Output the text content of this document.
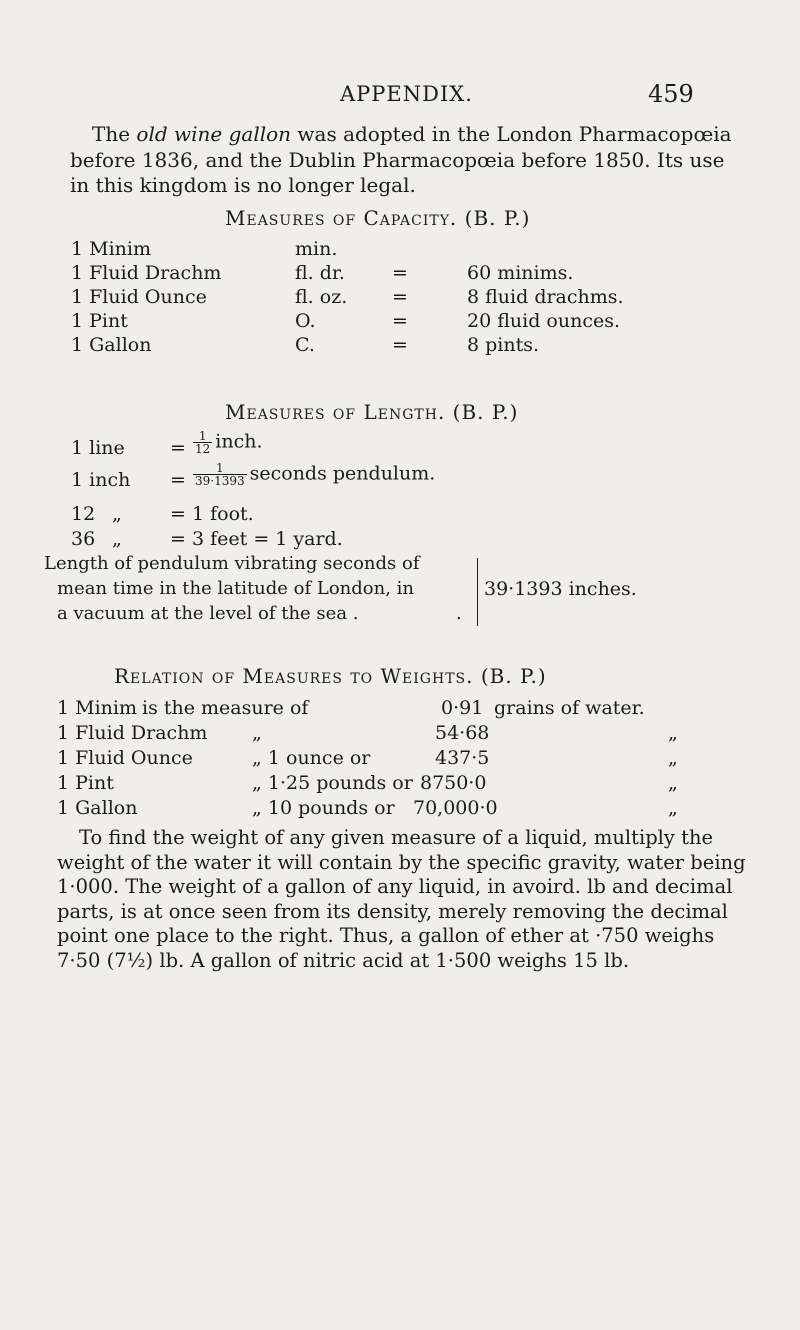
APPENDIX.	459

The old wine gallon was adopted in the London Pharmacopœia before 1836, and the Dublin Pharmacopœia before 1850. Its use in this kingdom is no longer legal.

Measures of Capacity. (B. P.)
1 Minim	min.
1 Fluid Drachm	fl. dr. =	60 minims.
1 Fluid Ounce	fl. oz. =	8 fluid drachms.
1 Pint	O.	=	20 fluid ounces.
1 Gallon	C.	=	8 pints.
Measures of Length. (B. P.)
1 line = $\frac{1}{12}$ inch.
1 inch = $\frac{1}{39\cdot 1393}$ seconds pendulum.
12 „	= 1 foot.
36 „	= 3 feet = 1 yard.
Length of pendulum vibrating seconds of
mean time in the latitude of London, in
a vacuum at the level of the sea .	.
39·1393 inches.
Relation of Measures to Weights. (B. P.)
1 Minim is the measure of	0·91 grains of water.
1 Fluid Drachm „	54·68	„
1 Fluid Ounce	„ 1 ounce or	437·5	„
1 Pint	„ 1·25 pounds or 8750·0	„
1 Gallon	„ 10 pounds or 70,000·0	„

To find the weight of any given measure of a liquid, multiply the weight of the water it will contain by the specific gravity, water being 1·000. The weight of a gallon of any liquid, in avoird. lb and decimal parts, is at once seen from its density, merely removing the decimal point one place to the right. Thus, a gallon of ether at ·750 weighs 7·50 (7½) lb. A gallon of nitric acid at 1·500 weighs 15 lb.
